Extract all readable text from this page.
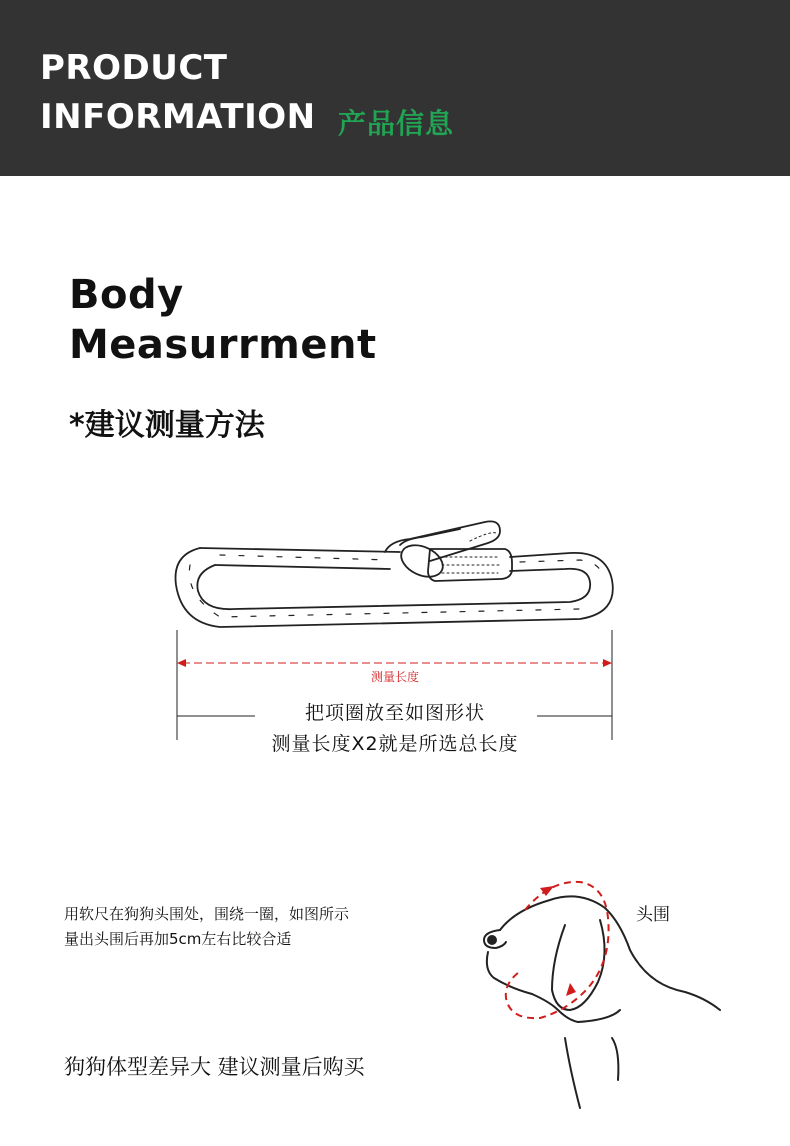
PRODUCT
INFORMATION 产品信息
Body
Measurrment
*建议测量方法
测量长度
把项圈放至如图形状
测量长度X2就是所选总长度
用软尺在狗狗头围处，围绕一圈，如图所示
量出头围后再加5cm左右比较合适
头围
狗狗体型差异大 建议测量后购买
